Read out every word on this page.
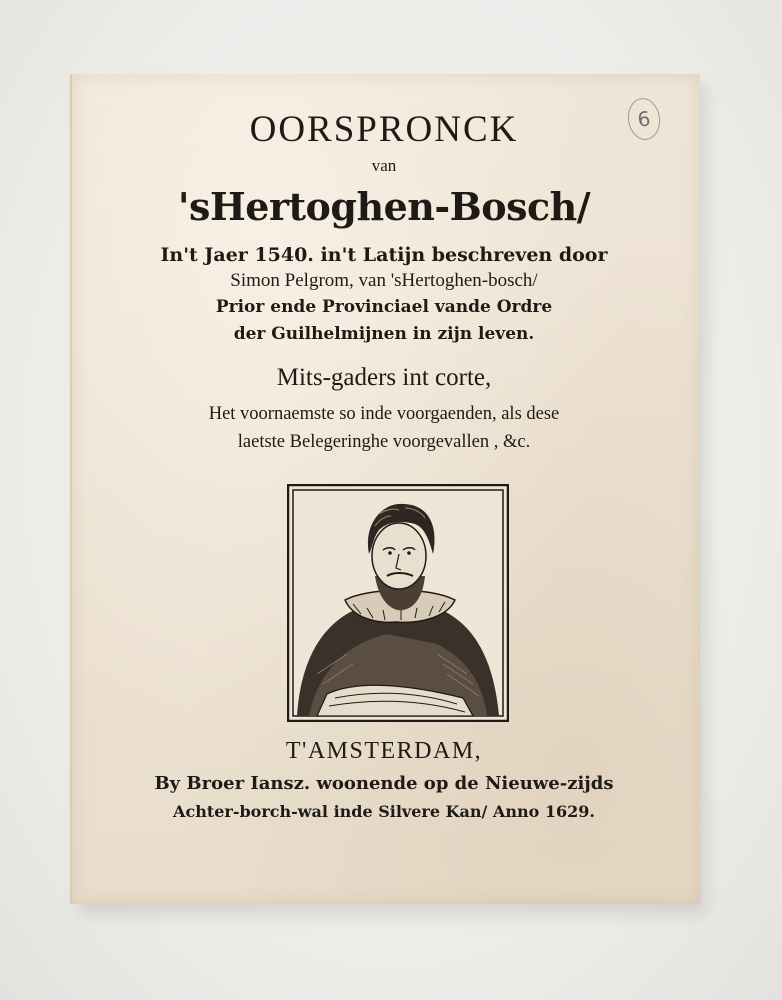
6
OORSPRONCK
van
'sHertoghen-Bosch/
In't Jaer 1540. in't Latijn beschreven door
Simon Pelgrom, van 'sHertoghen-bosch/
Prior ende Provinciael vande Ordre
der Guilhelmijnen in zijn leven.
Mits-gaders int corte,
Het voornaemste so inde voorgaenden, als dese
laetste Belegeringhe voorgevallen , &c.
T'AMSTERDAM,
By Broer Iansz. woonende op de Nieuwe-zijds
Achter-borch-wal inde Silvere Kan/ Anno 1629.
